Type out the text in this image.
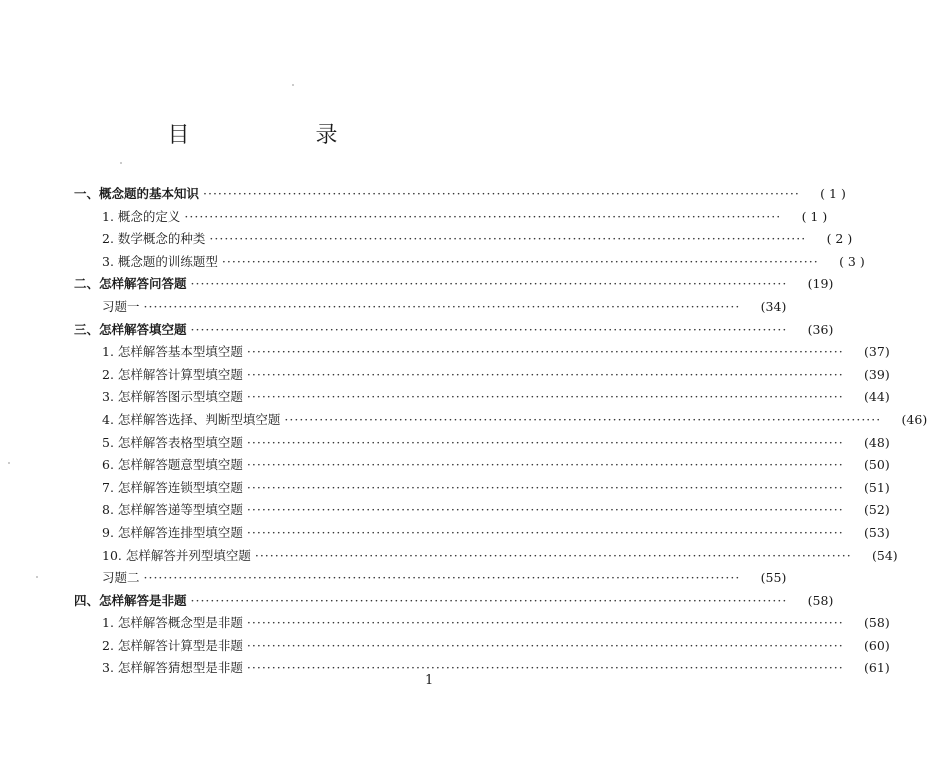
目　录
一、概念题的基本知识 ························································································································	( 1 )
1. 概念的定义 ························································································································	( 1 )
2. 数学概念的种类 ························································································································	( 2 )
3. 概念题的训练题型 ························································································································	( 3 )
二、怎样解答问答题 ························································································································	(19)
习题一 ························································································································	(34)
三、怎样解答填空题 ························································································································	(36)
1. 怎样解答基本型填空题 ························································································································	(37)
2. 怎样解答计算型填空题 ························································································································	(39)
3. 怎样解答图示型填空题 ························································································································	(44)
4. 怎样解答选择、判断型填空题 ························································································································	(46)
5. 怎样解答表格型填空题 ························································································································	(48)
6. 怎样解答题意型填空题 ························································································································	(50)
7. 怎样解答连锁型填空题 ························································································································	(51)
8. 怎样解答递等型填空题 ························································································································	(52)
9. 怎样解答连排型填空题 ························································································································	(53)
10. 怎样解答并列型填空题 ························································································································	(54)
习题二 ························································································································	(55)
四、怎样解答是非题 ························································································································	(58)
1. 怎样解答概念型是非题 ························································································································	(58)
2. 怎样解答计算型是非题 ························································································································	(60)
3. 怎样解答猜想型是非题 ························································································································	(61)
1
